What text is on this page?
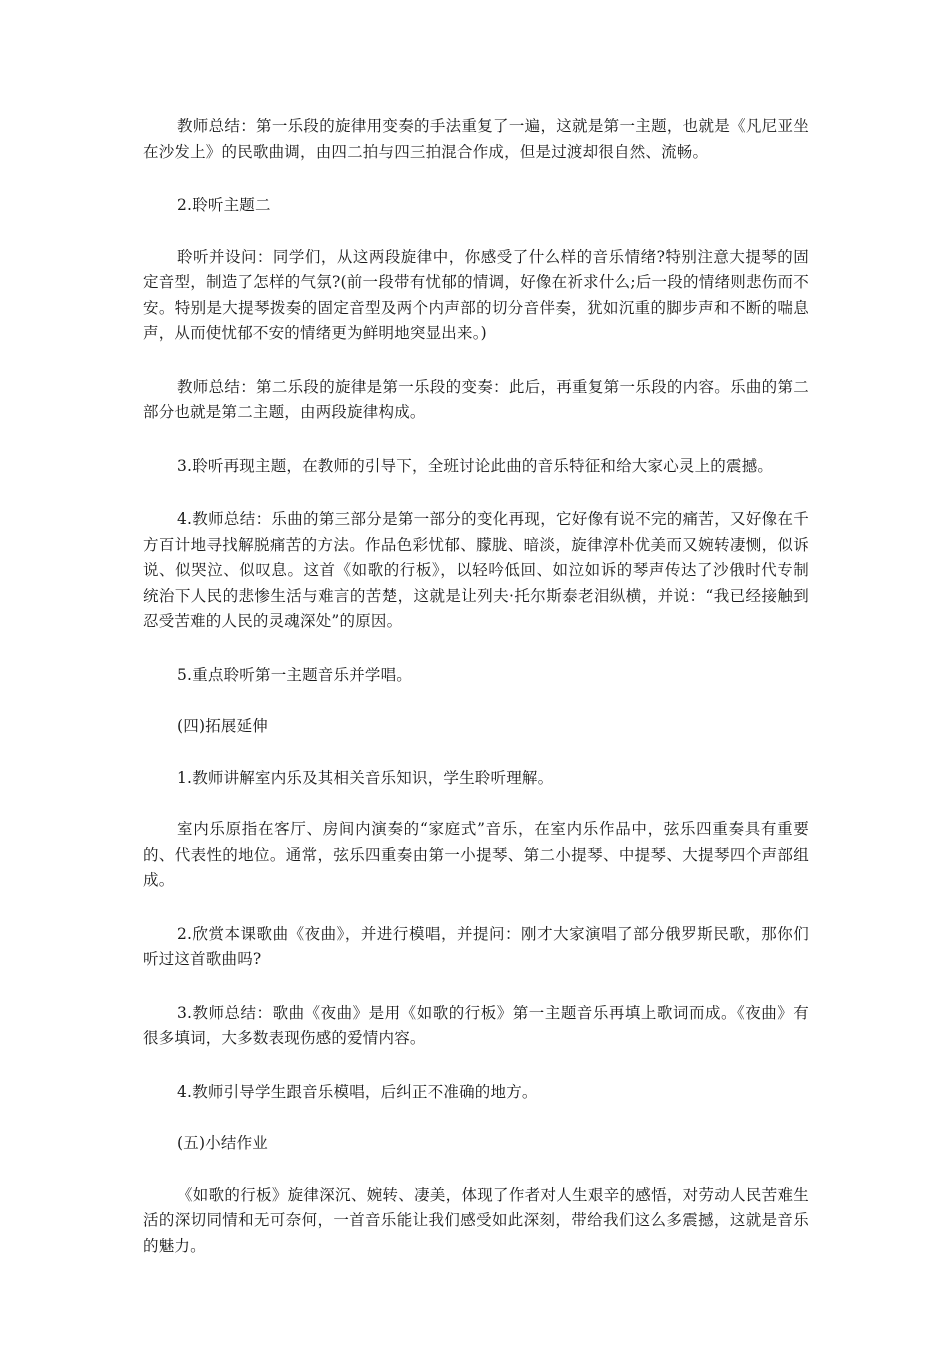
教师总结：第一乐段的旋律用变奏的手法重复了一遍，这就是第一主题，也就是《凡尼亚坐在沙发上》的民歌曲调，由四二拍与四三拍混合作成，但是过渡却很自然、流畅。

2.聆听主题二

聆听并设问：同学们，从这两段旋律中，你感受了什么样的音乐情绪?特别注意大提琴的固定音型，制造了怎样的气氛?(前一段带有忧郁的情调，好像在祈求什么;后一段的情绪则悲伤而不安。特别是大提琴拨奏的固定音型及两个内声部的切分音伴奏，犹如沉重的脚步声和不断的喘息声，从而使忧郁不安的情绪更为鲜明地突显出来。)

教师总结：第二乐段的旋律是第一乐段的变奏：此后，再重复第一乐段的内容。乐曲的第二部分也就是第二主题，由两段旋律构成。

3.聆听再现主题，在教师的引导下，全班讨论此曲的音乐特征和给大家心灵上的震撼。

4.教师总结：乐曲的第三部分是第一部分的变化再现，它好像有说不完的痛苦，又好像在千方百计地寻找解脱痛苦的方法。作品色彩忧郁、朦胧、暗淡，旋律淳朴优美而又婉转凄恻，似诉说、似哭泣、似叹息。这首《如歌的行板》，以轻吟低回、如泣如诉的琴声传达了沙俄时代专制统治下人民的悲惨生活与难言的苦楚，这就是让列夫·托尔斯泰老泪纵横，并说：“我已经接触到忍受苦难的人民的灵魂深处”的原因。

5.重点聆听第一主题音乐并学唱。

(四)拓展延伸

1.教师讲解室内乐及其相关音乐知识，学生聆听理解。

室内乐原指在客厅、房间内演奏的“家庭式”音乐，在室内乐作品中，弦乐四重奏具有重要的、代表性的地位。通常，弦乐四重奏由第一小提琴、第二小提琴、中提琴、大提琴四个声部组成。

2.欣赏本课歌曲《夜曲》，并进行模唱，并提问：刚才大家演唱了部分俄罗斯民歌，那你们听过这首歌曲吗?

3.教师总结：歌曲《夜曲》是用《如歌的行板》第一主题音乐再填上歌词而成。《夜曲》有很多填词，大多数表现伤感的爱情内容。

4.教师引导学生跟音乐模唱，后纠正不准确的地方。

(五)小结作业

《如歌的行板》旋律深沉、婉转、凄美，体现了作者对人生艰辛的感悟，对劳动人民苦难生活的深切同情和无可奈何，一首音乐能让我们感受如此深刻，带给我们这么多震撼，这就是音乐的魅力。
